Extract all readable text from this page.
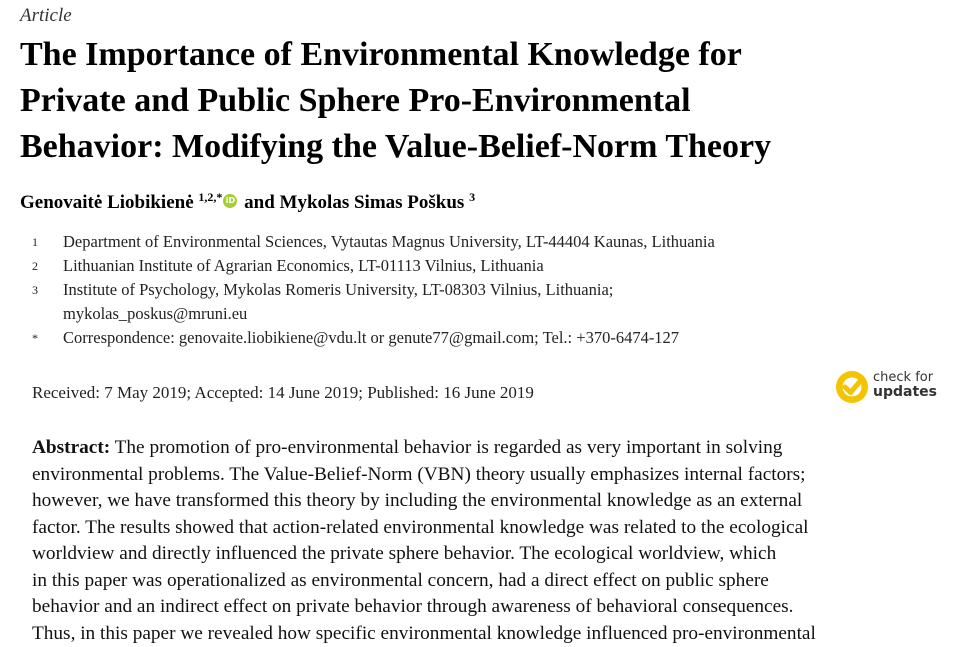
Article
The Importance of Environmental Knowledge for
Private and Public Sphere Pro-Environmental
Behavior: Modifying the Value-Belief-Norm Theory
Genovaitė Liobikienė $^{1,2,*}$ iD and Mykolas Simas Poškus $^3$
1 Department of Environmental Sciences, Vytautas Magnus University, LT-44404 Kaunas, Lithuania
2 Lithuanian Institute of Agrarian Economics, LT-01113 Vilnius, Lithuania
3 Institute of Psychology, Mykolas Romeris University, LT-08303 Vilnius, Lithuania;
mykolas_poskus@mruni.eu
* Correspondence: genovaite.liobikiene@vdu.lt or genute77@gmail.com; Tel.: +370-6474-127
Received: 7 May 2019; Accepted: 14 June 2019; Published: 16 June 2019
check for
updates
Abstract: The promotion of pro-environmental behavior is regarded as very important in solving
environmental problems. The Value-Belief-Norm (VBN) theory usually emphasizes internal factors;
however, we have transformed this theory by including the environmental knowledge as an external
factor. The results showed that action-related environmental knowledge was related to the ecological
worldview and directly influenced the private sphere behavior. The ecological worldview, which
in this paper was operationalized as environmental concern, had a direct effect on public sphere
behavior and an indirect effect on private behavior through awareness of behavioral consequences.
Thus, in this paper we revealed how specific environmental knowledge influenced pro-environmental
